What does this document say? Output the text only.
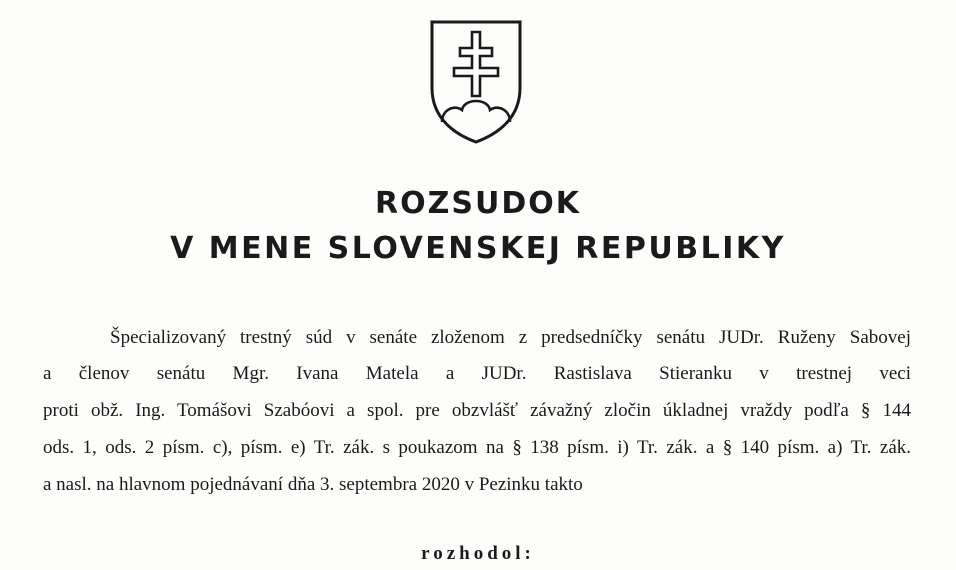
ROZSUDOK
V MENE SLOVENSKEJ REPUBLIKY

Špecializovaný trestný súd v senáte zloženom z predsedníčky senátu JUDr. Ruženy Sabovej

a členov senátu Mgr. Ivana Matela a JUDr. Rastislava Stieranku v trestnej veci

proti obž. Ing. Tomášovi Szabóovi a spol. pre obzvlášť závažný zločin úkladnej vraždy podľa § 144

ods. 1, ods. 2 písm. c), písm. e) Tr. zák. s poukazom na § 138 písm. i) Tr. zák. a § 140 písm. a) Tr. zák.

a nasl. na hlavnom pojednávaní dňa 3. septembra 2020 v Pezinku takto

rozhodol:
